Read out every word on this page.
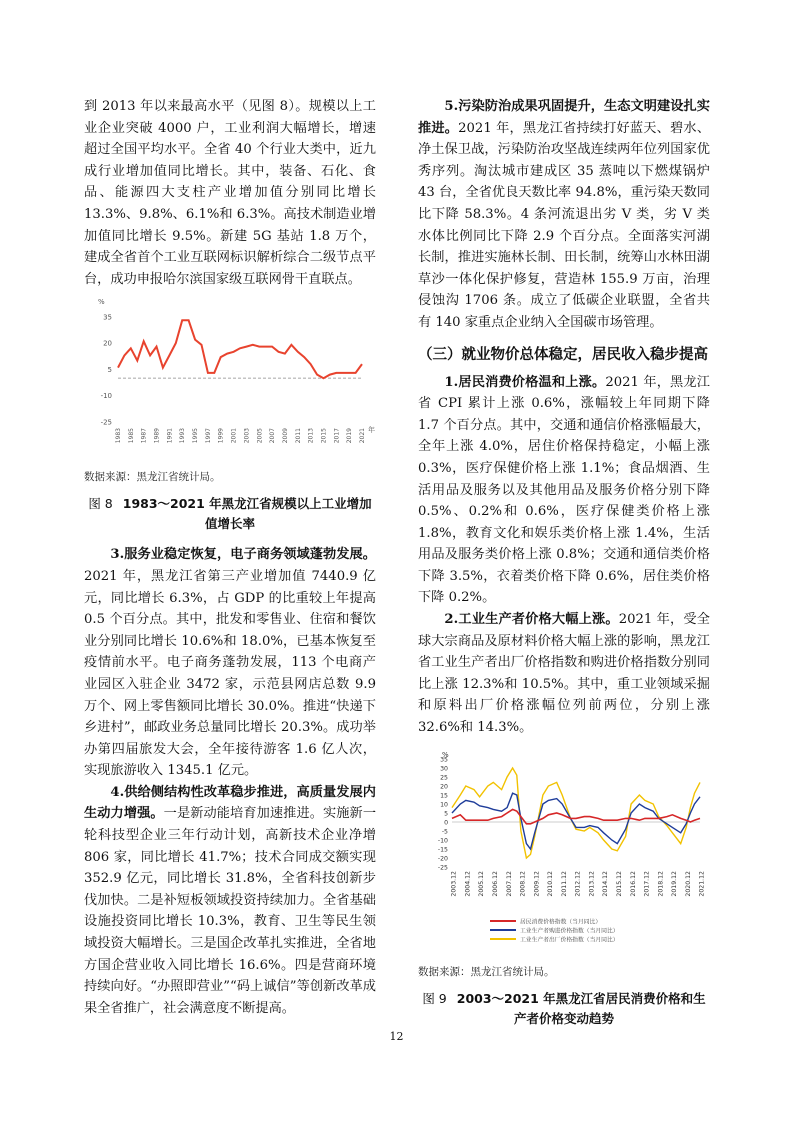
到 2013 年以来最高水平（见图 8）。规模以上工业企业突破 4000 户，工业利润大幅增长，增速超过全国平均水平。全省 40 个行业大类中，近九成行业增加值同比增长。其中，装备、石化、食品、能源四大支柱产业增加值分别同比增长 13.3%、9.8%、6.1%和 6.3%。高技术制造业增加值同比增长 9.5%。新建 5G 基站 1.8 万个，建成全省首个工业互联网标识解析综合二级节点平台，成功申报哈尔滨国家级互联网骨干直联点。

%
-25
-10
5
20
35
1983 1985 1987 1989 1991 1993 1995 1997 1999 2001 2003 2005 2007 2009 2011 2013 2015 2017 2019 2021 年
数据来源：黑龙江省统计局。
图 8 1983～2021 年黑龙江省规模以上工业增加值增长率

3.服务业稳定恢复，电子商务领域蓬勃发展。2021 年，黑龙江省第三产业增加值 7440.9 亿元，同比增长 6.3%，占 GDP 的比重较上年提高 0.5 个百分点。其中，批发和零售业、住宿和餐饮业分别同比增长 10.6%和 18.0%，已基本恢复至疫情前水平。电子商务蓬勃发展，113 个电商产业园区入驻企业 3472 家，示范县网店总数 9.9 万个、网上零售额同比增长 30.0%。推进“快递下乡进村”，邮政业务总量同比增长 20.3%。成功举办第四届旅发大会，全年接待游客 1.6 亿人次，实现旅游收入 1345.1 亿元。

4.供给侧结构性改革稳步推进，高质量发展内生动力增强。一是新动能培育加速推进。实施新一轮科技型企业三年行动计划，高新技术企业净增 806 家，同比增长 41.7%；技术合同成交额实现 352.9 亿元，同比增长 31.8%，全省科技创新步伐加快。二是补短板领域投资持续加力。全省基础设施投资同比增长 10.3%，教育、卫生等民生领域投资大幅增长。三是国企改革扎实推进，全省地方国企营业收入同比增长 16.6%。四是营商环境持续向好。“办照即营业”“码上诚信”等创新改革成果全省推广，社会满意度不断提高。

5.污染防治成果巩固提升，生态文明建设扎实推进。2021 年，黑龙江省持续打好蓝天、碧水、净土保卫战，污染防治攻坚战连续两年位列国家优秀序列。淘汰城市建成区 35 蒸吨以下燃煤锅炉 43 台，全省优良天数比率 94.8%，重污染天数同比下降 58.3%。4 条河流退出劣 V 类，劣 V 类水体比例同比下降 2.9 个百分点。全面落实河湖长制，推进实施林长制、田长制，统筹山水林田湖草沙一体化保护修复，营造林 155.9 万亩，治理侵蚀沟 1706 条。成立了低碳企业联盟，全省共有 140 家重点企业纳入全国碳市场管理。

（三）就业物价总体稳定，居民收入稳步提高

1.居民消费价格温和上涨。2021 年，黑龙江省 CPI 累计上涨 0.6%，涨幅较上年同期下降 1.7 个百分点。其中，交通和通信价格涨幅最大，全年上涨 4.0%，居住价格保持稳定，小幅上涨 0.3%，医疗保健价格上涨 1.1%；食品烟酒、生活用品及服务以及其他用品及服务价格分别下降 0.5%、0.2%和 0.6%，医疗保健类价格上涨 1.8%，教育文化和娱乐类价格上涨 1.4%，生活用品及服务类价格上涨 0.8%；交通和通信类价格下降 3.5%，衣着类价格下降 0.6%，居住类价格下降 0.2%。

2.工业生产者价格大幅上涨。2021 年，受全球大宗商品及原材料价格大幅上涨的影响，黑龙江省工业生产者出厂价格指数和购进价格指数分别同比上涨 12.3%和 10.5%。其中，重工业领域采掘和原料出厂价格涨幅位列前两位，分别上涨 32.6%和 14.3%。

%
35
30
25
20
15
10
5
0
-5
-10
-15
-20
-25
2003.12 2004.12 2005.12 2006.12 2007.12 2008.12 2009.12 2010.12 2011.12 2012.12 2013.12 2014.12 2015.12 2016.12 2017.12 2018.12 2019.12 2020.12 2021.12
居民消费价格指数（当月同比）
工业生产者购进价格指数（当月同比）
工业生产者出厂价格指数（当月同比）
数据来源：黑龙江省统计局。
图 9 2003～2021 年黑龙江省居民消费价格和生产者价格变动趋势
12
